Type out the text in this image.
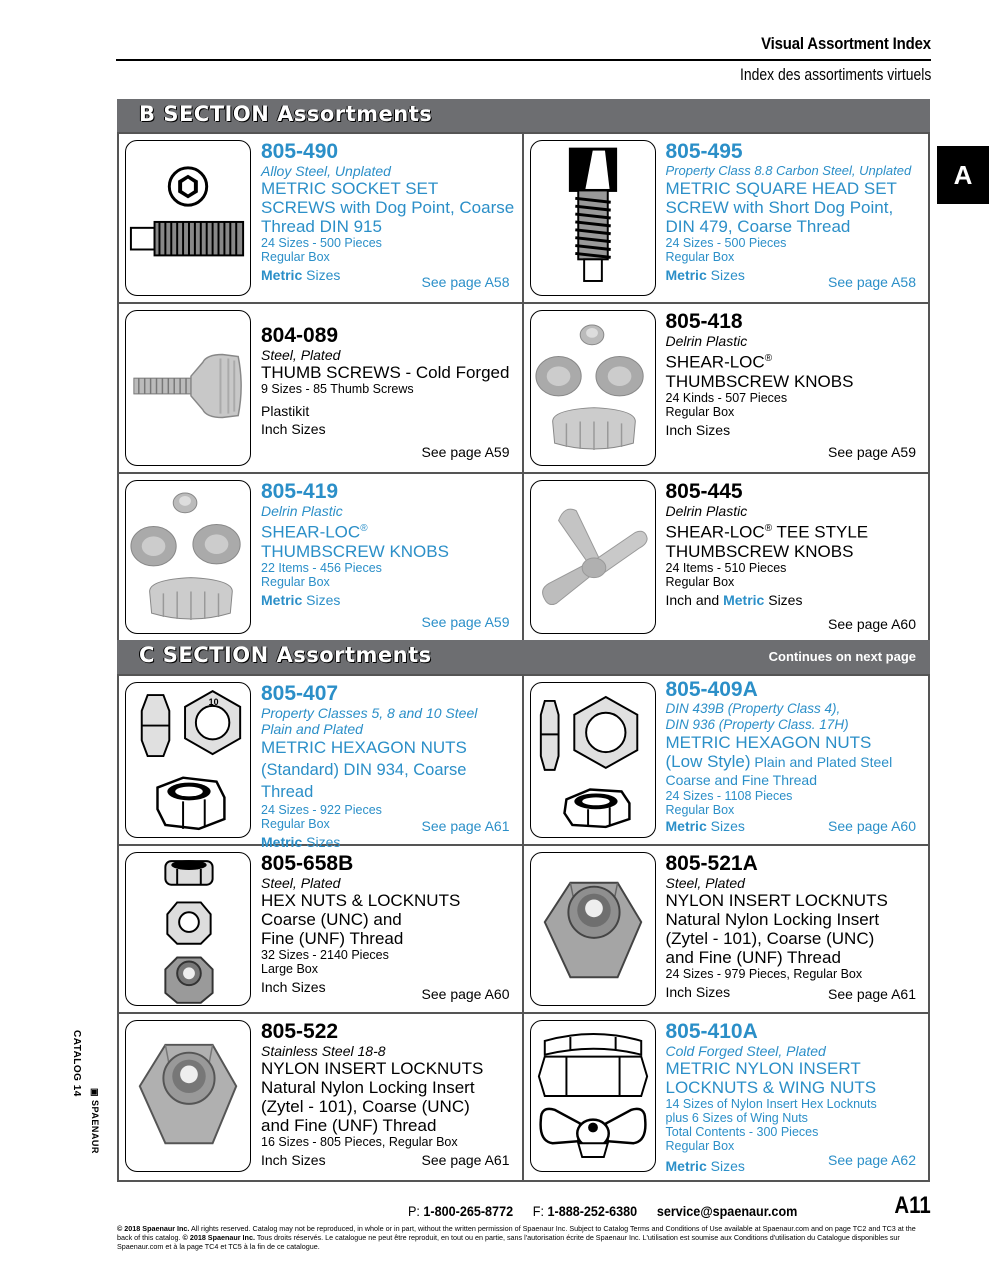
Visual Assortment Index
Index des assortiments virtuels
A
B SECTION Assortments
805-490
Alloy Steel, Unplated
METRIC SOCKET SET SCREWS with Dog Point, Coarse Thread DIN 915
24 Sizes - 500 Pieces
Regular Box
Metric Sizes	See page A58
805-495
Property Class 8.8 Carbon Steel, Unplated
METRIC SQUARE HEAD SET SCREW with Short Dog Point, DIN 479, Coarse Thread
24 Sizes - 500 Pieces
Regular Box
Metric Sizes	See page A58
804-089
Steel, Plated
THUMB SCREWS - Cold Forged
9 Sizes - 85 Thumb Screws
Plastikit
Inch Sizes
See page A59
805-418
Delrin Plastic
SHEAR-LOC®
THUMBSCREW KNOBS
24 Kinds - 507 Pieces
Regular Box
Inch Sizes
See page A59
805-419
Delrin Plastic
SHEAR-LOC®
THUMBSCREW KNOBS
22 Items - 456 Pieces
Regular Box
Metric Sizes
See page A59
805-445
Delrin Plastic
SHEAR-LOC® TEE STYLE THUMBSCREW KNOBS
24 Items - 510 Pieces
Regular Box
Inch and Metric Sizes
See page A60
C SECTION Assortments	Continues on next page
10 805-407
Property Classes 5, 8 and 10 Steel
Plain and Plated
METRIC HEXAGON NUTS
(Standard) DIN 934, Coarse Thread
24 Sizes - 922 Pieces
Regular Box
Metric Sizes
See page A61
805-409A
DIN 439B (Property Class 4),
DIN 936 (Property Class. 17H)
METRIC HEXAGON NUTS
(Low Style) Plain and Plated Steel
Coarse and Fine Thread
24 Sizes - 1108 Pieces
Regular Box
Metric Sizes	See page A60
805-658B
Steel, Plated
HEX NUTS & LOCKNUTS
Coarse (UNC) and
Fine (UNF) Thread
32 Sizes - 2140 Pieces
Large Box
Inch Sizes	See page A60
805-521A
Steel, Plated
NYLON INSERT LOCKNUTS
Natural Nylon Locking Insert
(Zytel - 101), Coarse (UNC)
and Fine (UNF) Thread
24 Sizes - 979 Pieces, Regular Box
Inch Sizes	See page A61
805-522
Stainless Steel 18-8
NYLON INSERT LOCKNUTS
Natural Nylon Locking Insert
(Zytel - 101), Coarse (UNC)
and Fine (UNF) Thread
16 Sizes - 805 Pieces, Regular Box
Inch Sizes	See page A61
805-410A
Cold Forged Steel, Plated
METRIC NYLON INSERT
LOCKNUTS & WING NUTS
14 Sizes of Nylon Insert Hex Locknuts
plus 6 Sizes of Wing Nuts
Total Contents - 300 Pieces
Regular Box
Metric Sizes	See page A62
CATALOG 14 ▣ SPAENAUR
P: 1-800-265-8772 F: 1-888-252-6380 service@spaenaur.com	A11
© 2018 Spaenaur Inc. All rights reserved. Catalog may not be reproduced, in whole or in part, without the written permission of Spaenaur Inc. Subject to Catalog Terms and Conditions of Use available at Spaenaur.com and on page TC2 and TC3 at the back of this catalog. © 2018 Spaenaur Inc. Tous droits réservés. Le catalogue ne peut être reproduit, en tout ou en partie, sans l'autorisation écrite de Spaenaur Inc. L'utilisation est soumise aux Conditions d'utilisation du Catalogue disponibles sur Spaenaur.com et à la page TC4 et TC5 à la fin de ce catalogue.
